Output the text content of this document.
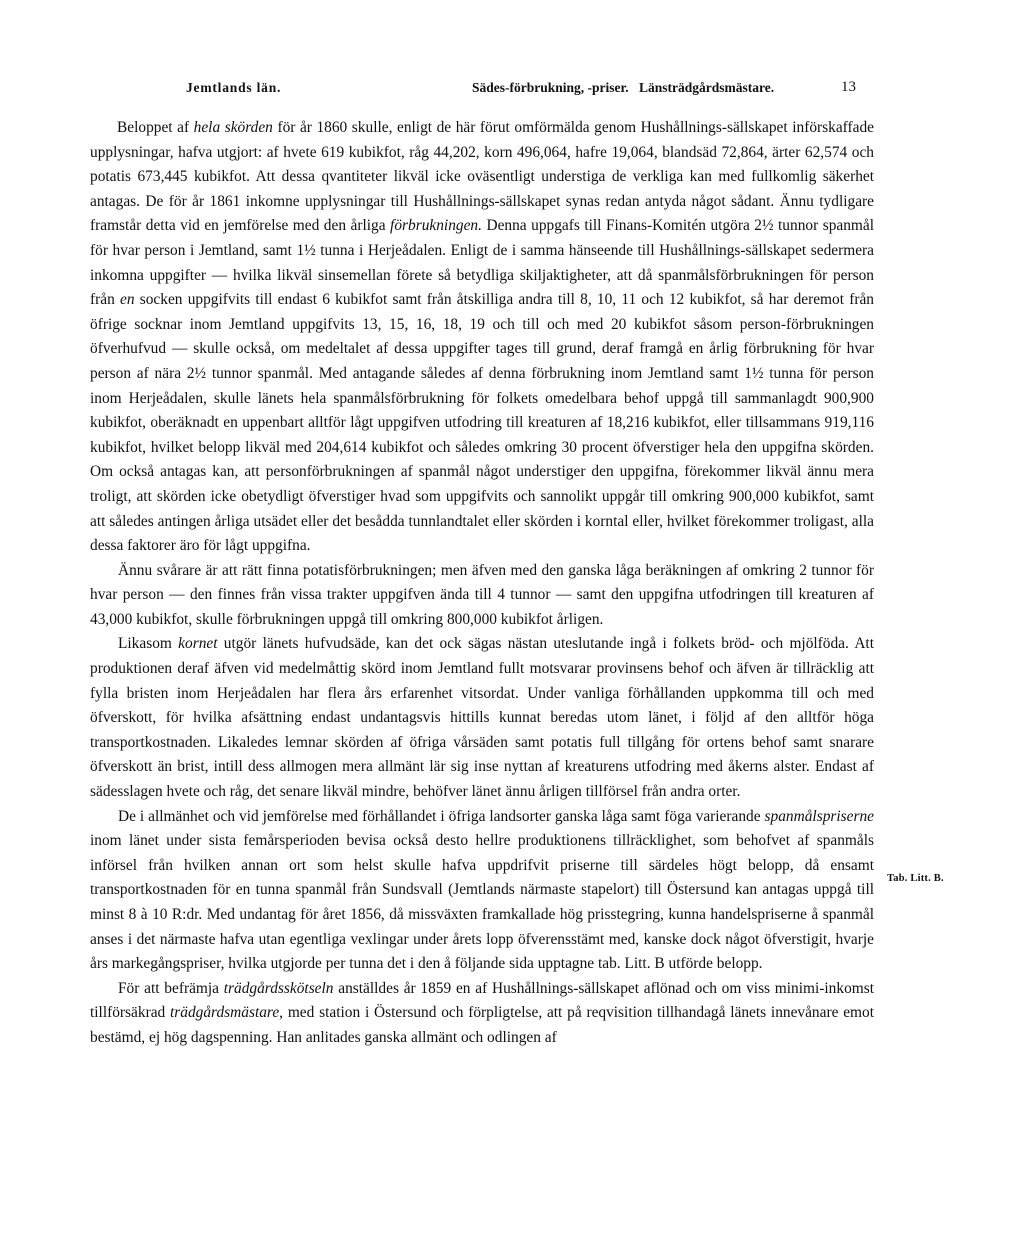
Jemtlands län.	Sädes-förbrukning, -priser. Länsträdgårdsmästare.	13
Tab. Litt. B.

Beloppet af hela skörden för år 1860 skulle, enligt de här förut omförmälda genom Hushållnings-sällskapet införskaffade upplysningar, hafva utgjort: af hvete 619 kubikfot, råg 44,202, korn 496,064, hafre 19,064, blandsäd 72,864, ärter 62,574 och potatis 673,445 kubikfot. Att dessa qvantiteter likväl icke oväsentligt understiga de verkliga kan med fullkomlig säkerhet antagas. De för år 1861 inkomne upplysningar till Hushållnings-sällskapet synas redan antyda något sådant. Ännu tydligare framstår detta vid en jemförelse med den årliga förbrukningen. Denna uppgafs till Finans-Komitén utgöra 2½ tunnor spanmål för hvar person i Jemtland, samt 1½ tunna i Herjeådalen. Enligt de i samma hänseende till Hushållnings-sällskapet sedermera inkomna uppgifter — hvilka likväl sinsemellan förete så betydliga skiljaktigheter, att då spanmålsförbrukningen för person från en socken uppgifvits till endast 6 kubikfot samt från åtskilliga andra till 8, 10, 11 och 12 kubikfot, så har deremot från öfrige socknar inom Jemtland uppgifvits 13, 15, 16, 18, 19 och till och med 20 kubikfot såsom person-förbrukningen öfverhufvud — skulle också, om medeltalet af dessa uppgifter tages till grund, deraf framgå en årlig förbrukning för hvar person af nära 2½ tunnor spanmål. Med antagande således af denna förbrukning inom Jemtland samt 1½ tunna för person inom Herjeådalen, skulle länets hela spanmålsförbrukning för folkets omedelbara behof uppgå till sammanlagdt 900,900 kubikfot, oberäknadt en uppenbart alltför lågt uppgifven utfodring till kreaturen af 18,216 kubikfot, eller tillsammans 919,116 kubikfot, hvilket belopp likväl med 204,614 kubikfot och således omkring 30 procent öfverstiger hela den uppgifna skörden. Om också antagas kan, att personförbrukningen af spanmål något understiger den uppgifna, förekommer likväl ännu mera troligt, att skörden icke obetydligt öfverstiger hvad som uppgifvits och sannolikt uppgår till omkring 900,000 kubikfot, samt att således antingen årliga utsädet eller det besådda tunnlandtalet eller skörden i korntal eller, hvilket förekommer troligast, alla dessa faktorer äro för lågt uppgifna.

Ännu svårare är att rätt finna potatisförbrukningen; men äfven med den ganska låga beräkningen af omkring 2 tunnor för hvar person — den finnes från vissa trakter uppgifven ända till 4 tunnor — samt den uppgifna utfodringen till kreaturen af 43,000 kubikfot, skulle förbrukningen uppgå till omkring 800,000 kubikfot årligen.

Likasom kornet utgör länets hufvudsäde, kan det ock sägas nästan uteslutande ingå i folkets bröd- och mjölföda. Att produktionen deraf äfven vid medelmåttig skörd inom Jemtland fullt motsvarar provinsens behof och äfven är tillräcklig att fylla bristen inom Herjeådalen har flera års erfarenhet vitsordat. Under vanliga förhållanden uppkomma till och med öfverskott, för hvilka afsättning endast undantagsvis hittills kunnat beredas utom länet, i följd af den alltför höga transportkostnaden. Likaledes lemnar skörden af öfriga vårsäden samt potatis full tillgång för ortens behof samt snarare öfverskott än brist, intill dess allmogen mera allmänt lär sig inse nyttan af kreaturens utfodring med åkerns alster. Endast af sädesslagen hvete och råg, det senare likväl mindre, behöfver länet ännu årligen tillförsel från andra orter.

De i allmänhet och vid jemförelse med förhållandet i öfriga landsorter ganska låga samt föga varierande spanmålspriserne inom länet under sista femårsperioden bevisa också desto hellre produktionens tillräcklighet, som behofvet af spanmåls införsel från hvilken annan ort som helst skulle hafva uppdrifvit priserne till särdeles högt belopp, då ensamt transportkostnaden för en tunna spanmål från Sundsvall (Jemtlands närmaste stapelort) till Östersund kan antagas uppgå till minst 8 à 10 R:dr. Med undantag för året 1856, då missväxten framkallade hög prisstegring, kunna handelspriserne å spanmål anses i det närmaste hafva utan egentliga vexlingar under årets lopp öfverensstämt med, kanske dock något öfverstigit, hvarje års markegångspriser, hvilka utgjorde per tunna det i den å följande sida upptagne tab. Litt. B utförde belopp.

För att befrämja trädgårdsskötseln anställdes år 1859 en af Hushållnings-sällskapet aflönad och om viss minimi-inkomst tillförsäkrad trädgårdsmästare, med station i Östersund och förpligtelse, att på reqvisition tillhandagå länets innevånare emot bestämd, ej hög dagspenning. Han anlitades ganska allmänt och odlingen af
